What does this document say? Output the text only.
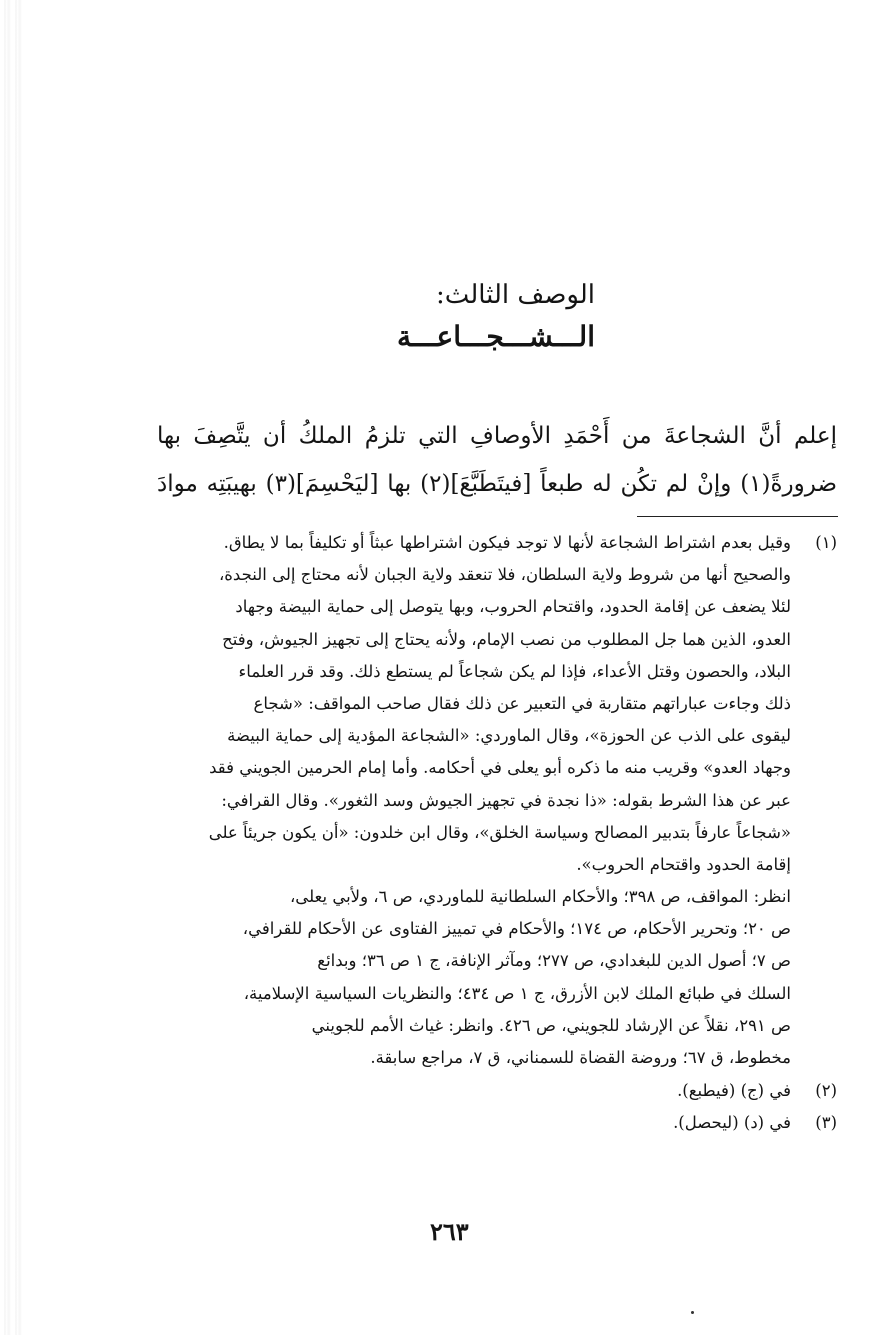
الوصف الثالث:
الـــشـــجـــاعـــة
إعلم أنَّ الشجاعةَ من أَحْمَدِ الأوصافِ التي تلزمُ الملكُ أن يتَّصِفَ بها
ضرورةً(١) وإنْ لم تكُن له طبعاً [فيتَطَبَّعَ](٢) بها [ليَحْسِمَ](٣) بهيبَتِه موادَ
(١)
وقيل بعدم اشتراط الشجاعة لأنها لا توجد فيكون اشتراطها عبثاً أو تكليفاً بما لا يطاق.
والصحيح أنها من شروط ولاية السلطان، فلا تنعقد ولاية الجبان لأنه محتاج إلى النجدة،
لئلا يضعف عن إقامة الحدود، واقتحام الحروب، وبها يتوصل إلى حماية البيضة وجهاد
العدو، الذين هما جل المطلوب من نصب الإمام، ولأنه يحتاج إلى تجهيز الجيوش، وفتح
البلاد، والحصون وقتل الأعداء، فإذا لم يكن شجاعاً لم يستطع ذلك. وقد قرر العلماء
ذلك وجاءت عباراتهم متقاربة في التعبير عن ذلك فقال صاحب المواقف: «شجاع
ليقوى على الذب عن الحوزة»، وقال الماوردي: «الشجاعة المؤدية إلى حماية البيضة
وجهاد العدو» وقريب منه ما ذكره أبو يعلى في أحكامه. وأما إمام الحرمين الجويني فقد
عبر عن هذا الشرط بقوله: «ذا نجدة في تجهيز الجيوش وسد الثغور». وقال القرافي:
«شجاعاً عارفاً بتدبير المصالح وسياسة الخلق»، وقال ابن خلدون: «أن يكون جريئاً على
إقامة الحدود واقتحام الحروب».
انظر: المواقف، ص ٣٩٨؛ والأحكام السلطانية للماوردي، ص ٦، ولأبي يعلى،
ص ٢٠؛ وتحرير الأحكام، ص ١٧٤؛ والأحكام في تمييز الفتاوى عن الأحكام للقرافي،
ص ٧؛ أصول الدين للبغدادي، ص ٢٧٧؛ ومآثر الإنافة، ج ١ ص ٣٦؛ وبدائع
السلك في طبائع الملك لابن الأزرق، ج ١ ص ٤٣٤؛ والنظريات السياسية الإسلامية،
ص ٢٩١، نقلاً عن الإرشاد للجويني، ص ٤٢٦. وانظر: غياث الأمم للجويني
مخطوط، ق ٦٧؛ وروضة القضاة للسمناني، ق ٧، مراجع سابقة.
(٢)
في (ج) (فيطبع).
(٣)
في (د) (ليحصل).
٢٦٣
